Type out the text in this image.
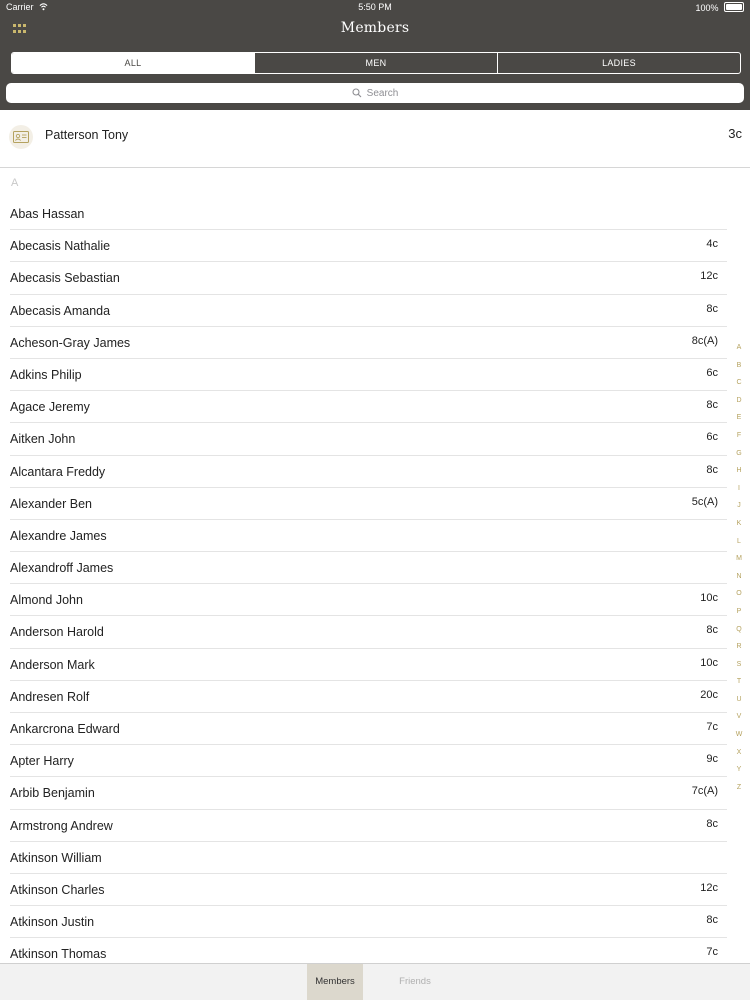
Carrier	5:50 PM	100%
Members
ALL	MEN	LADIES
Search
Patterson Tony	3c
A
Abas Hassan
Abecasis Nathalie	4c
Abecasis Sebastian	12c
Abecasis Amanda	8c
Acheson-Gray James	8c(A)
Adkins Philip	6c
Agace Jeremy	8c
Aitken John	6c
Alcantara Freddy	8c
Alexander Ben	5c(A)
Alexandre James
Alexandroff James
Almond John	10c
Anderson Harold	8c
Anderson Mark	10c
Andresen Rolf	20c
Ankarcrona Edward	7c
Apter Harry	9c
Arbib Benjamin	7c(A)
Armstrong Andrew	8c
Atkinson William
Atkinson Charles	12c
Atkinson Justin	8c
Atkinson Thomas	7c
A
B
C
D
E
F
G
H
I
J
K
L
M
N
O
P
Q
R
S
T
U
V
W
X
Y
Z
Members	Friends
